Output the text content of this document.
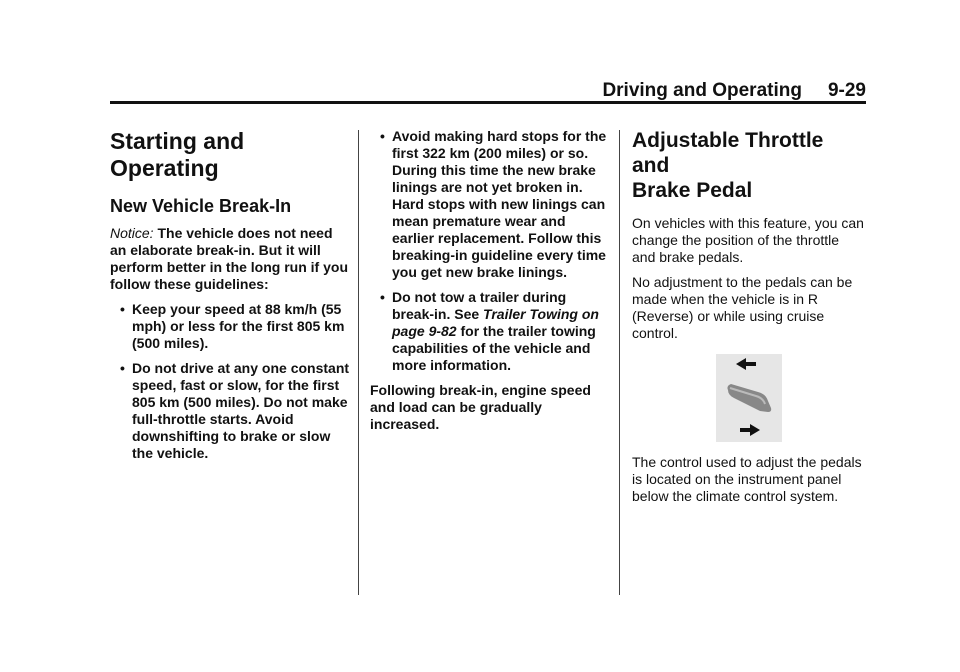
Driving and Operating 9-29
Starting and
Operating
New Vehicle Break-In

Notice: The vehicle does not need an elaborate break-in. But it will perform better in the long run if you follow these guidelines:

• Keep your speed at 88 km/h (55 mph) or less for the first 805 km (500 miles).
• Do not drive at any one constant speed, fast or slow, for the first 805 km (500 miles). Do not make full-throttle starts. Avoid downshifting to brake or slow the vehicle.
• Avoid making hard stops for the first 322 km (200 miles) or so. During this time the new brake linings are not yet broken in. Hard stops with new linings can mean premature wear and earlier replacement. Follow this breaking-in guideline every time you get new brake linings.
• Do not tow a trailer during break-in. See Trailer Towing on page 9-82 for the trailer towing capabilities of the vehicle and more information.

Following break-in, engine speed and load can be gradually increased.

Adjustable Throttle and
Brake Pedal

On vehicles with this feature, you can change the position of the throttle and brake pedals.

No adjustment to the pedals can be made when the vehicle is in R (Reverse) or while using cruise control.

The control used to adjust the pedals is located on the instrument panel below the climate control system.
